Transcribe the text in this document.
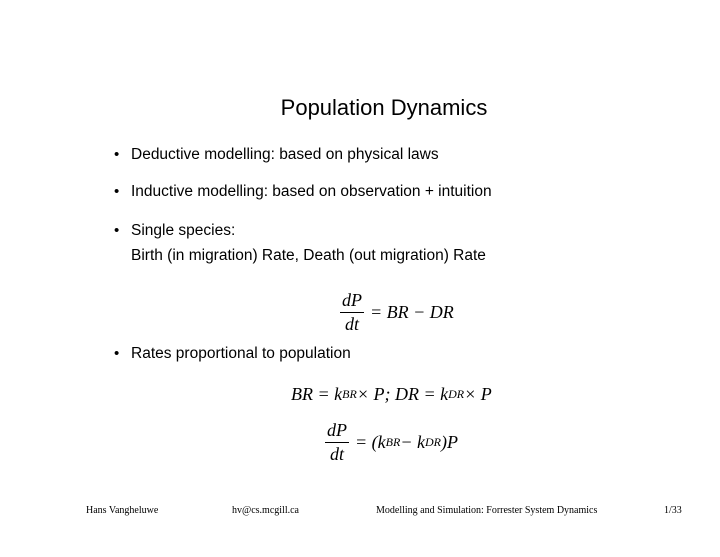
Population Dynamics
• Deductive modelling: based on physical laws
• Inductive modelling: based on observation + intuition
• Single species:
Birth (in migration) Rate, Death (out migration) Rate
$\frac{dP}{dt}$ = BR − DR
• Rates proportional to population
BR = k BR × P; DR = k DR × P
$\frac{dP}{dt} = (k$ BR − k DR )P
Hans Vangheluwe	hv@cs.mcgill.ca	Modelling and Simulation: Forrester System Dynamics	1/33
